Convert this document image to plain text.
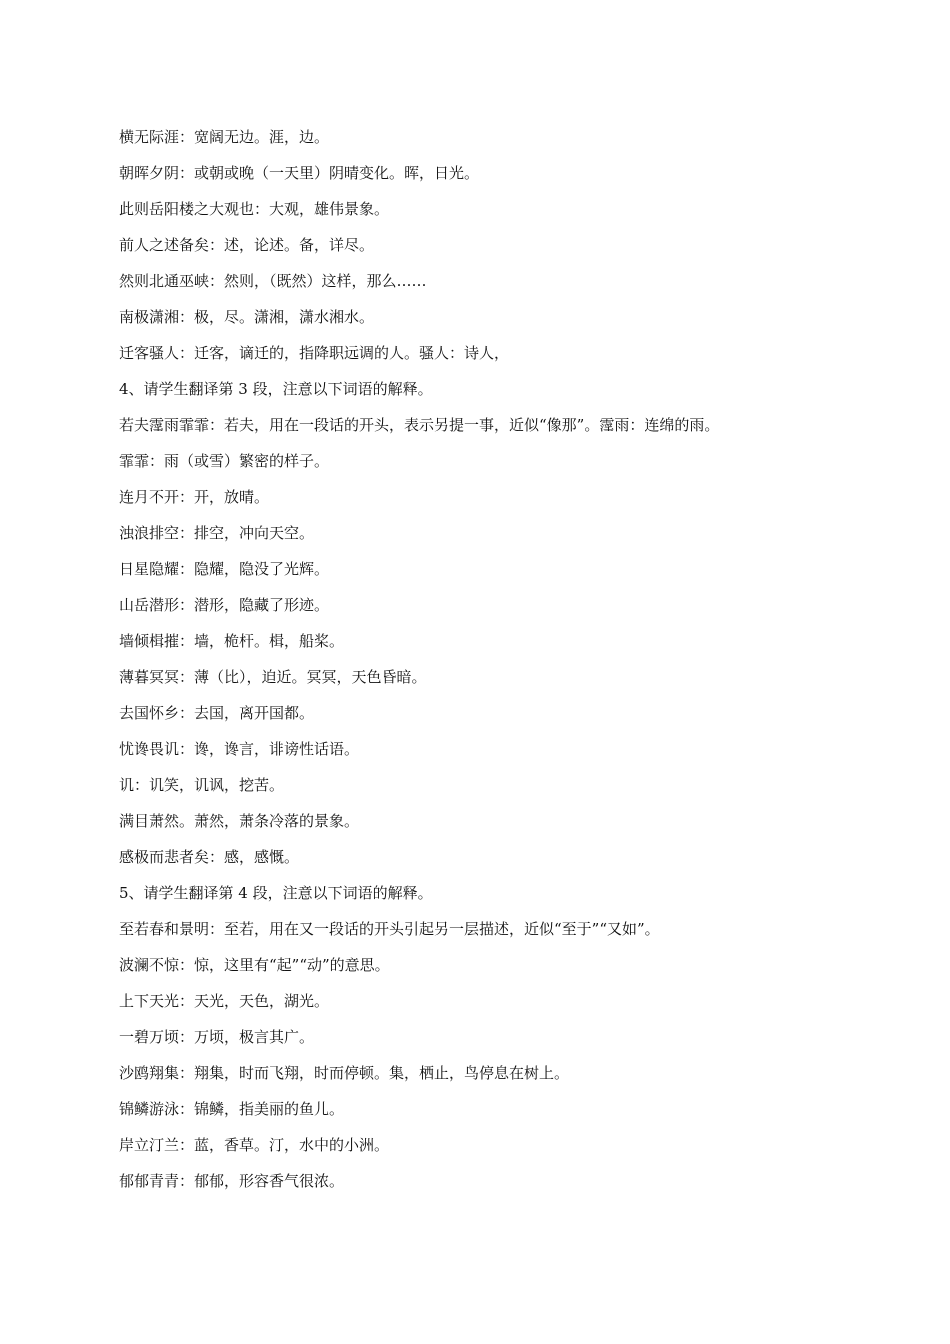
横无际涯：宽阔无边。涯，边。
朝晖夕阴：或朝或晚（一天里）阴晴变化。晖，日光。
此则岳阳楼之大观也：大观，雄伟景象。
前人之述备矣：述，论述。备，详尽。
然则北通巫峡：然则，（既然）这样，那么……
南极潇湘：极，尽。潇湘，潇水湘水。
迁客骚人：迁客，谪迁的，指降职远调的人。骚人：诗人，
4、请学生翻译第 3 段，注意以下词语的解释。
若夫霪雨霏霏：若夫，用在一段话的开头，表示另提一事，近似“像那”。霪雨：连绵的雨。
霏霏：雨（或雪）繁密的样子。
连月不开：开，放晴。
浊浪排空：排空，冲向天空。
日星隐耀：隐耀，隐没了光辉。
山岳潜形：潜形，隐藏了形迹。
墙倾楫摧：墙，桅杆。楫，船桨。
薄暮冥冥：薄（比），迫近。冥冥，天色昏暗。
去国怀乡：去国，离开国都。
忧谗畏讥：谗，谗言，诽谤性话语。
讥：讥笑，讥讽，挖苦。
满目萧然。萧然，萧条冷落的景象。
感极而悲者矣：感，感慨。
5、请学生翻译第 4 段，注意以下词语的解释。
至若春和景明：至若，用在又一段话的开头引起另一层描述，近似“至于”“又如”。
波澜不惊：惊，这里有“起”“动”的意思。
上下天光：天光，天色，湖光。
一碧万顷：万顷，极言其广。
沙鸥翔集：翔集，时而飞翔，时而停顿。集，栖止，鸟停息在树上。
锦鳞游泳：锦鳞，指美丽的鱼儿。
岸立汀兰：蓝，香草。汀，水中的小洲。
郁郁青青：郁郁，形容香气很浓。
